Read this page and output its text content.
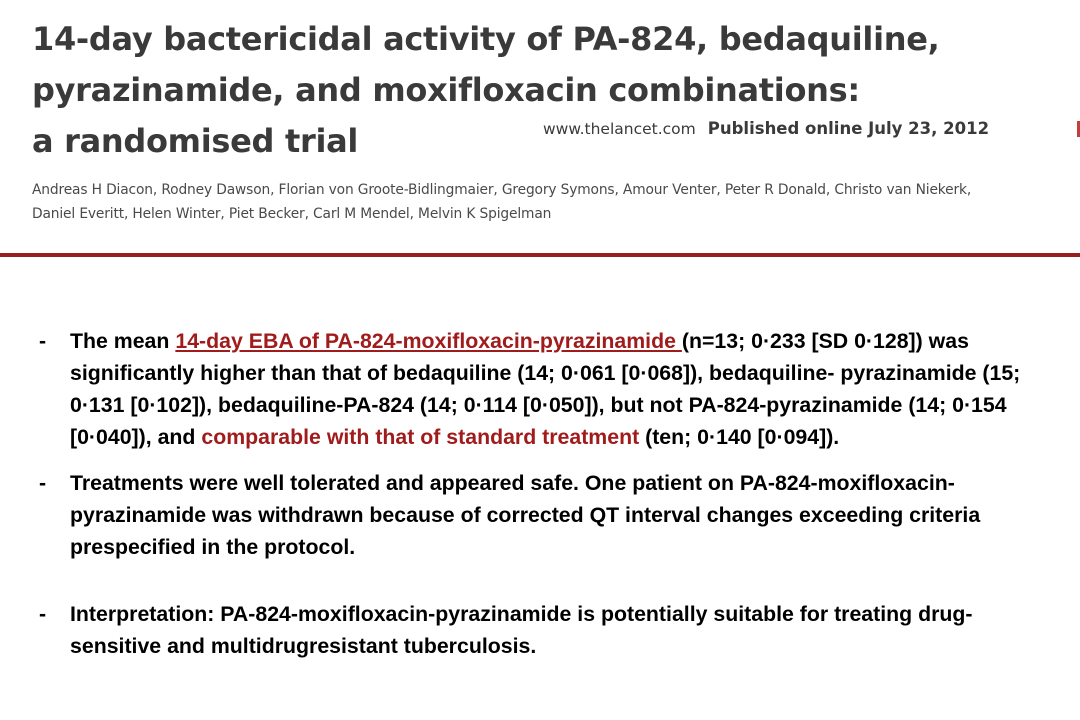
14-day bactericidal activity of PA-824, bedaquiline,
pyrazinamide, and moxifloxacin combinations:
a randomised trial	www.thelancet.com Published online July 23, 2012
Andreas H Diacon, Rodney Dawson, Florian von Groote-Bidlingmaier, Gregory Symons, Amour Venter, Peter R Donald, Christo van Niekerk,
Daniel Everitt, Helen Winter, Piet Becker, Carl M Mendel, Melvin K Spigelman
- The mean 14-day EBA of PA-824-moxifloxacin-pyrazinamide (n=13; 0·233 [SD 0·128]) was significantly higher than that of bedaquiline (14; 0·061 [0·068]), bedaquiline- pyrazinamide (15; 0·131 [0·102]), bedaquiline-PA-824 (14; 0·114 [0·050]), but not PA-824-pyrazinamide (14; 0·154 [0·040]), and comparable with that of standard treatment (ten; 0·140 [0·094]).
- Treatments were well tolerated and appeared safe. One patient on PA-824-moxifloxacin-pyrazinamide was withdrawn because of corrected QT interval changes exceeding criteria prespecified in the protocol.
- Interpretation: PA-824-moxifloxacin-pyrazinamide is potentially suitable for treating drug-sensitive and multidrugresistant tuberculosis.
